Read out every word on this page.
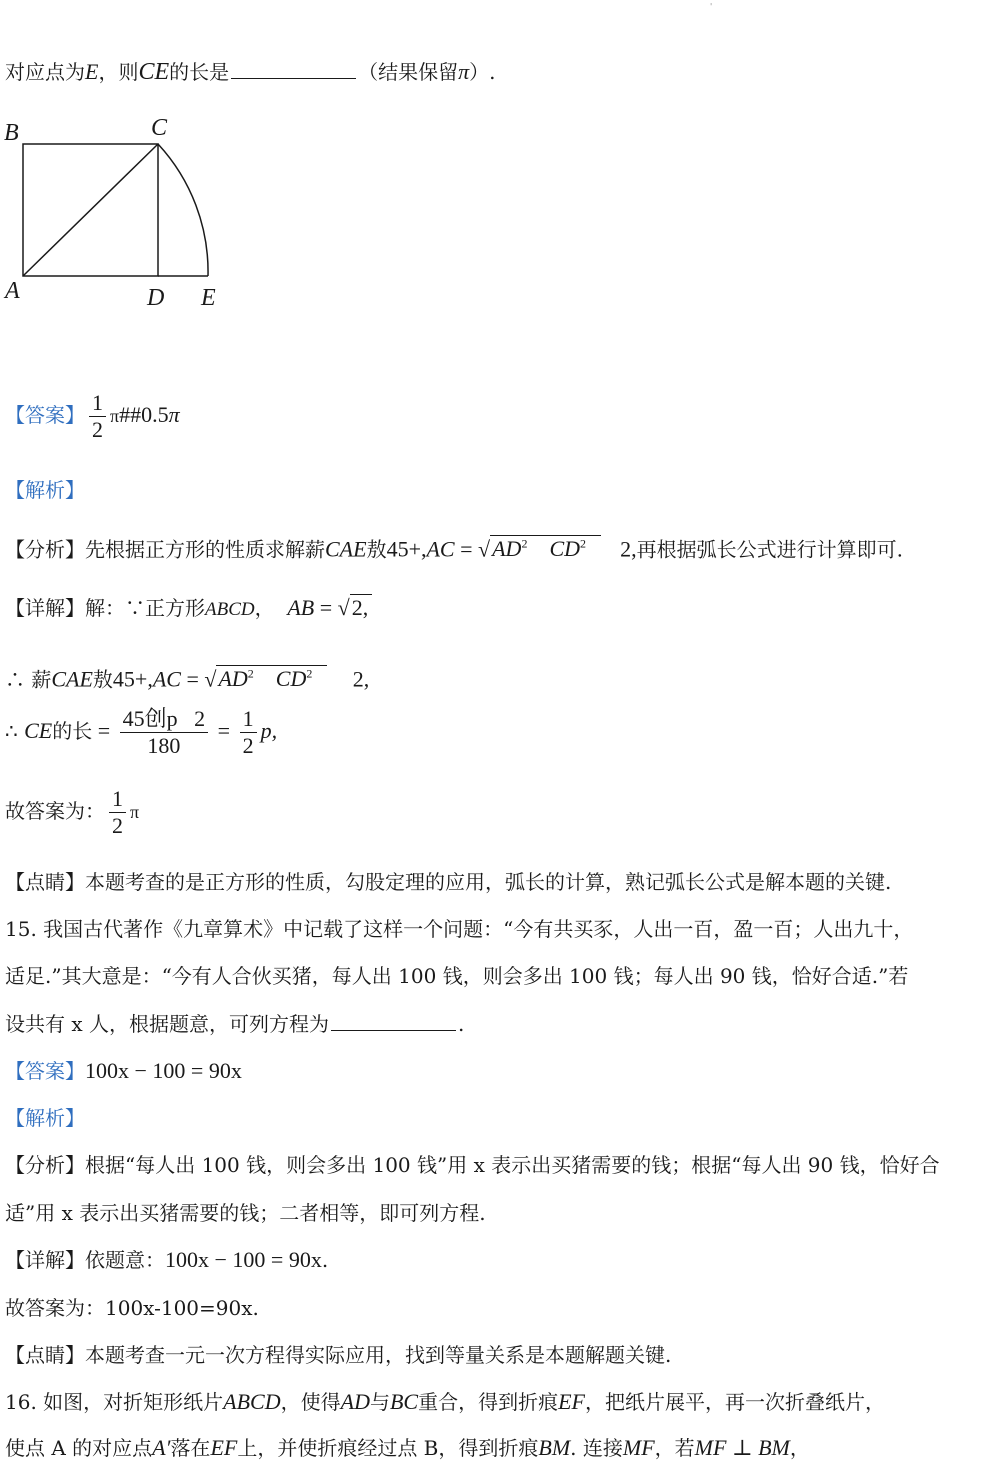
'
对应点为E，则CE的长是	（结果保留π）.
B	C
A	D E
【答案】 $\frac{1}{2}$ π##0.5π
【解析】
【分析】先根据正方形的性质求解薪CAE敖$45+,AC = √AD^2$ $CD^2$ 2,再根据弧长公式进行计算即可.
【详解】解：∵正方形ABCD， AB = √2,
∴ 薪CAE敖$45+,AC = √AD^2$ $CD^2$ 2,
∴ CE的长 = $\frac{\text{45创p   2}}{180} = \frac{1}{2} p$,
故答案为： $\frac{1}{2}$ π
【点睛】本题考查的是正方形的性质，勾股定理的应用，弧长的计算，熟记弧长公式是解本题的关键.
15. 我国古代著作《九章算术》中记载了这样一个问题：“今有共买豕，人出一百，盈一百；人出九十，
适足.”其大意是：“今有人合伙买猪，每人出 100 钱，则会多出 100 钱；每人出 90 钱，恰好合适.”若
设共有 x 人，根据题意，可列方程为	.
【答案】100x − 100 = 90x
【解析】
【分析】根据“每人出 100 钱，则会多出 100 钱”用 x 表示出买猪需要的钱；根据“每人出 90 钱，恰好合
适”用 x 表示出买猪需要的钱；二者相等，即可列方程.
【详解】依题意：100x − 100 = 90x.
故答案为：100x-100=90x.
【点睛】本题考查一元一次方程得实际应用，找到等量关系是本题解题关键.
16. 如图，对折矩形纸片ABCD，使得AD与BC重合，得到折痕EF，把纸片展平，再一次折叠纸片，
使点 A 的对应点A′落在EF上，并使折痕经过点 B，得到折痕BM. 连接MF，若MF ⊥ BM，
